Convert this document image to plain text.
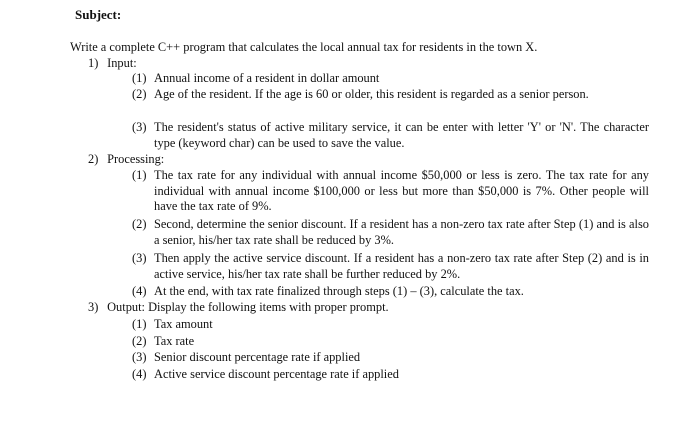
Subject:
Write a complete C++ program that calculates the local annual tax for residents in the town X.
1) Input:
(1) Annual income of a resident in dollar amount
(2) Age of the resident. If the age is 60 or older, this resident is regarded as a senior person.
(3) The resident's status of active military service, it can be enter with letter 'Y' or 'N'. The character type (keyword char) can be used to save the value.
2) Processing:
(1) The tax rate for any individual with annual income $50,000 or less is zero. The tax rate for any individual with annual income $100,000 or less but more than $50,000 is 7%. Other people will have the tax rate of 9%.
(2) Second, determine the senior discount. If a resident has a non-zero tax rate after Step (1) and is also a senior, his/her tax rate shall be reduced by 3%.
(3) Then apply the active service discount. If a resident has a non-zero tax rate after Step (2) and is in active service, his/her tax rate shall be further reduced by 2%.
(4) At the end, with tax rate finalized through steps (1) – (3), calculate the tax.
3) Output: Display the following items with proper prompt.
(1) Tax amount
(2) Tax rate
(3) Senior discount percentage rate if applied
(4) Active service discount percentage rate if applied
